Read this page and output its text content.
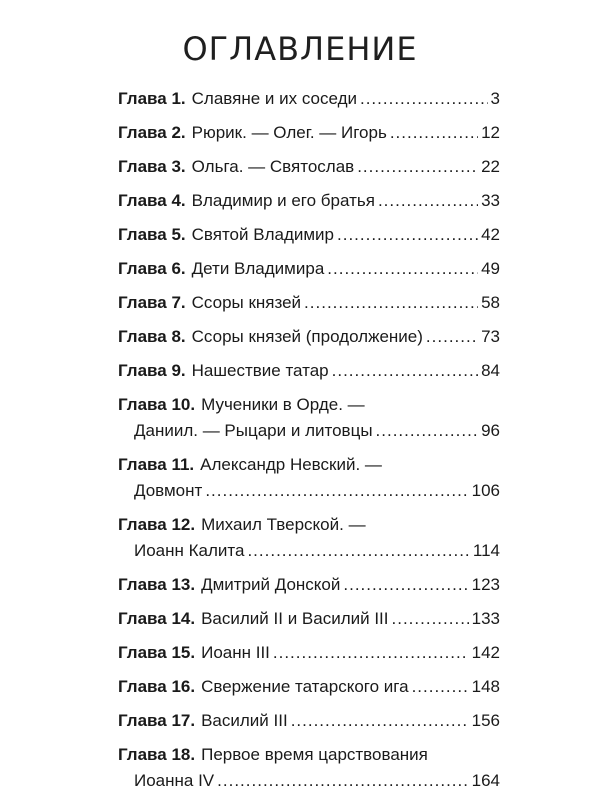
ОГЛАВЛЕНИЕ
Глава 1. Славяне и их соседи .....	3
Глава 2. Рюрик. — Олег. — Игорь .....	12
Глава 3. Ольга. — Святослав .....	22
Глава 4. Владимир и его братья .....	33
Глава 5. Святой Владимир .....	42
Глава 6. Дети Владимира .....	49
Глава 7. Ссоры князей .....	58
Глава 8. Ссоры князей (продолжение) .....	73
Глава 9. Нашествие татар .....	84
Глава 10. Мученики в Орде. —
Даниил. — Рыцари и литовцы .....	96
Глава 11. Александр Невский. —
Довмонт .....	106
Глава 12. Михаил Тверской. —
Иоанн Калита .....	114
Глава 13. Дмитрий Донской .....	123
Глава 14. Василий II и Василий III .....	133
Глава 15. Иоанн III .....	142
Глава 16. Свержение татарского ига .....	148
Глава 17. Василий III .....	156
Глава 18. Первое время царствования
Иоанна IV .....	164
